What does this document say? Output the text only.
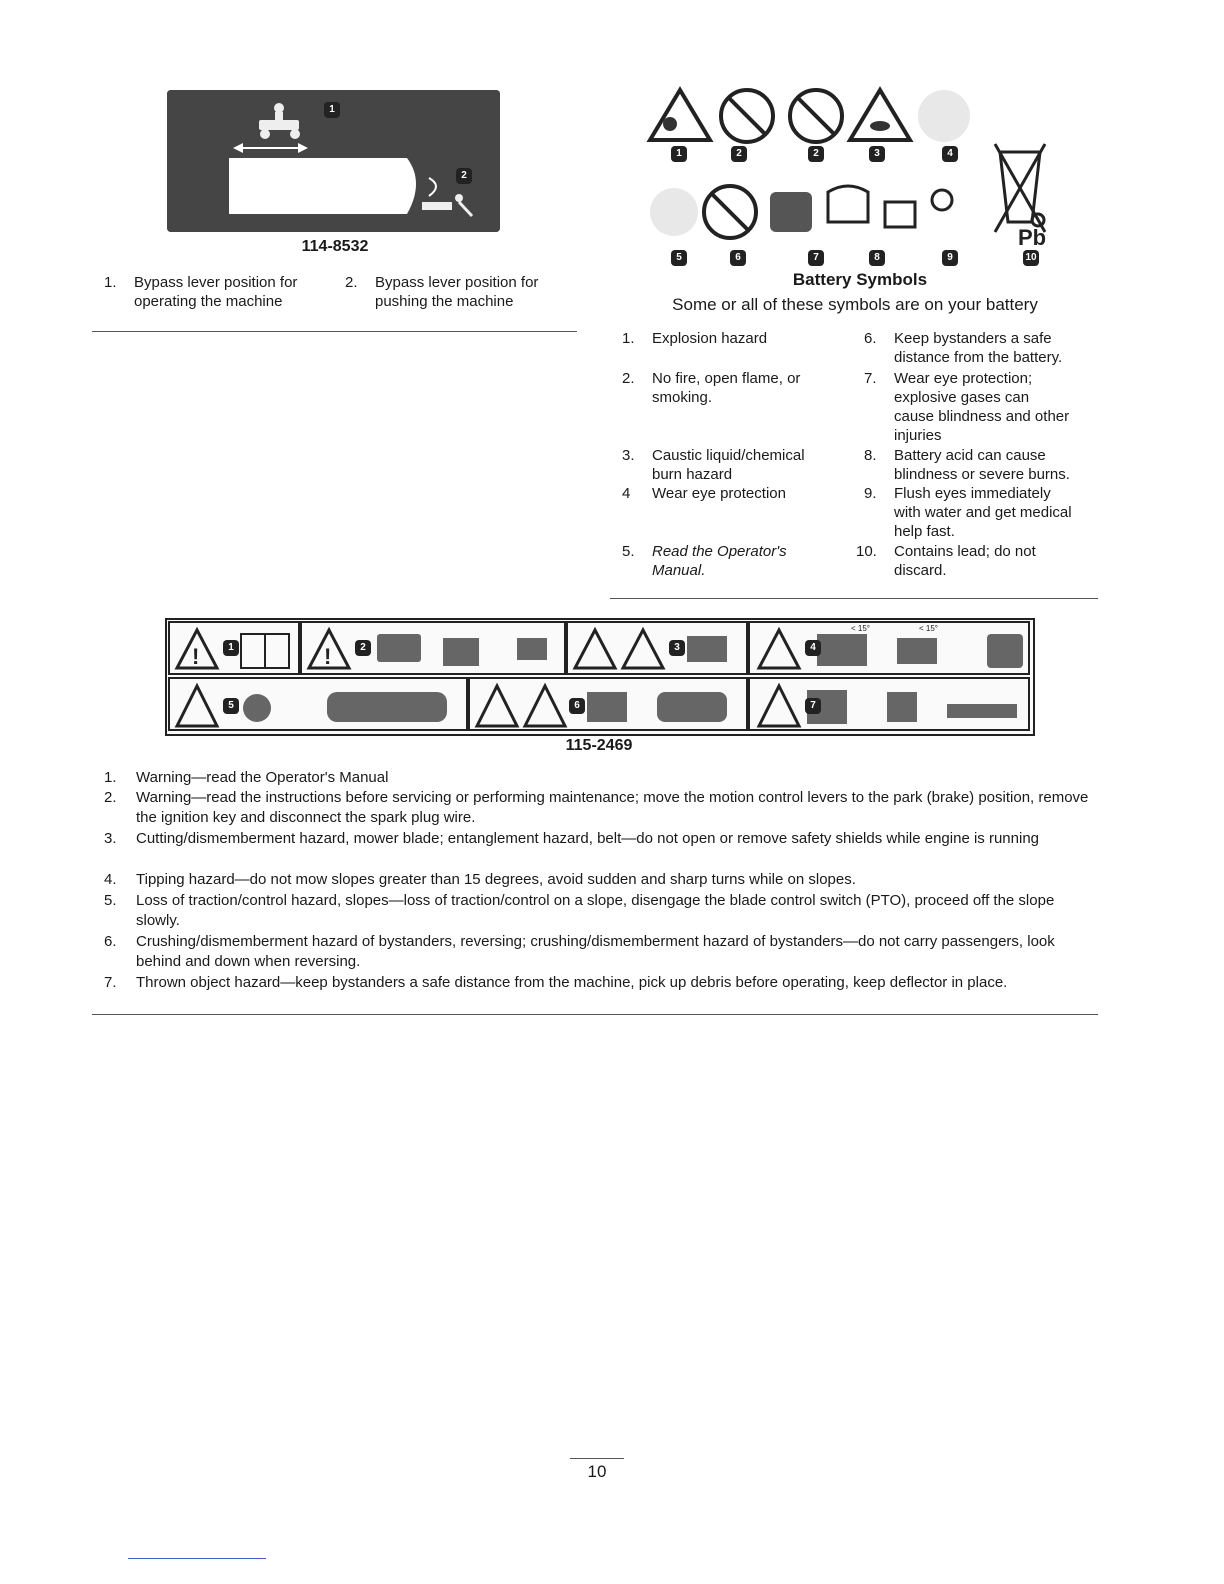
1
2
114-8532
1. Bypass lever position for
operating the machine
2. Bypass lever position for
pushing the machine
Pb
1	2	2	3	4
5	6	7	8	9	10
Battery Symbols
Some or all of these symbols are on your battery
1. Explosion hazard
2. No fire, open flame, or
smoking.
3. Caustic liquid/chemical
burn hazard
4 Wear eye protection
5. Read the Operator's
Manual.
6. Keep bystanders a safe
distance from the battery.
7. Wear eye protection;
explosive gases can
cause blindness and other
injuries
8. Battery acid can cause
blindness or severe burns.
9. Flush eyes immediately
with water and get medical
help fast.
10. Contains lead; do not
discard.
!	!
1	2	3	4
5	6	7
< 15°	< 15°
115-2469
1. Warning—read the Operator's Manual
2. Warning—read the instructions before servicing or performing maintenance; move the motion control levers to the park (brake) position, remove the ignition key and disconnect the spark plug wire.
3. Cutting/dismemberment hazard, mower blade; entanglement hazard, belt—do not open or remove safety shields while engine is running
4. Tipping hazard—do not mow slopes greater than 15 degrees, avoid sudden and sharp turns while on slopes.
5. Loss of traction/control hazard, slopes—loss of traction/control on a slope, disengage the blade control switch (PTO), proceed off the slope slowly.
6. Crushing/dismemberment hazard of bystanders, reversing; crushing/dismemberment hazard of bystanders—do not carry passengers, look behind and down when reversing.
7. Thrown object hazard—keep bystanders a safe distance from the machine, pick up debris before operating, keep deflector in place.
10
